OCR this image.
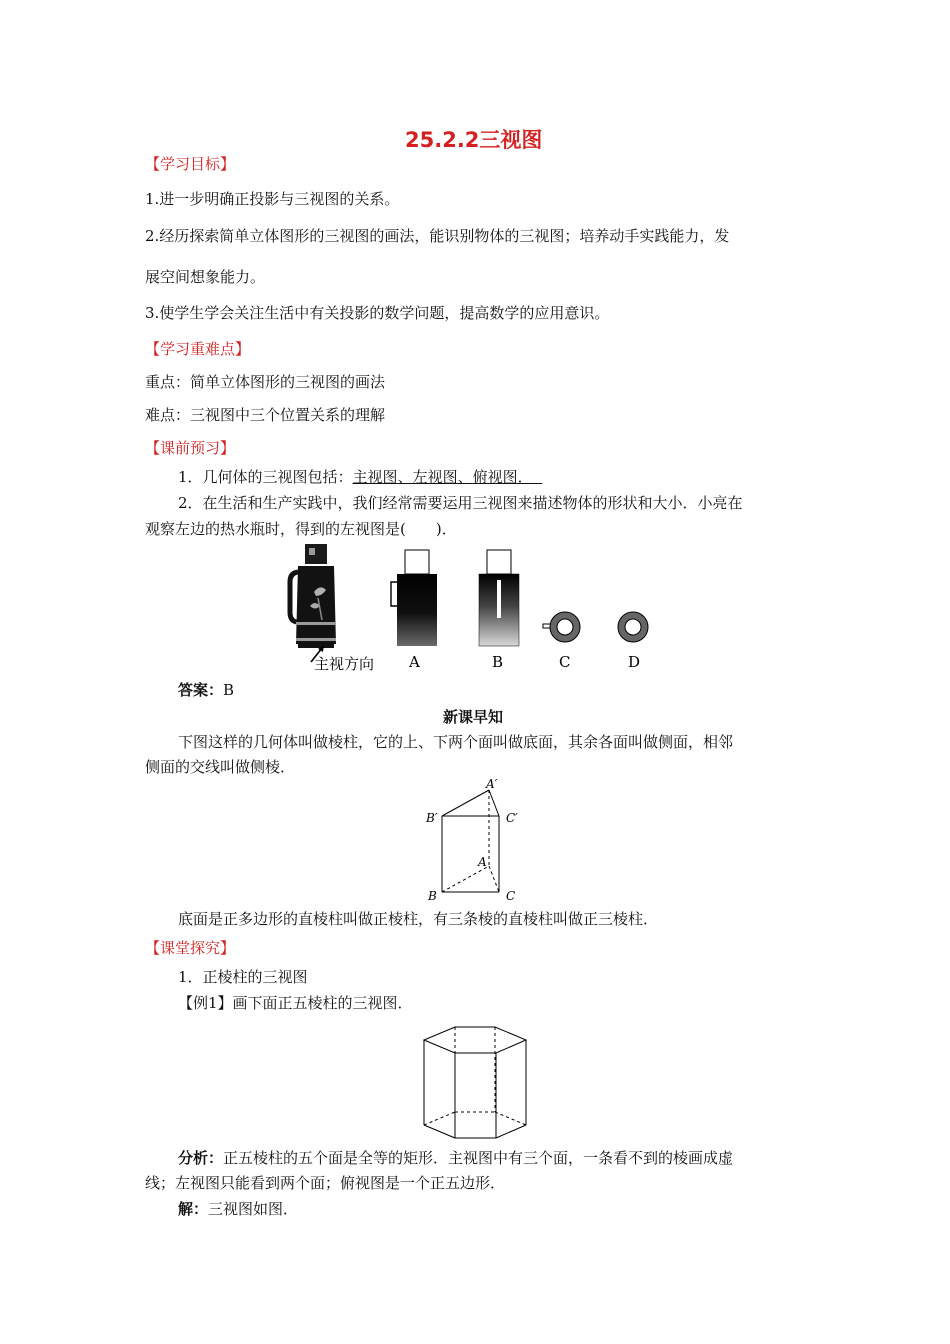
25.2.2三视图
【学习目标】
1.进一步明确正投影与三视图的关系。
2.经历探索简单立体图形的三视图的画法，能识别物体的三视图；培养动手实践能力，发
展空间想象能力。
3.使学生学会关注生活中有关投影的数学问题，提高数学的应用意识。
【学习重难点】
重点：简单立体图形的三视图的画法
难点：三视图中三个位置关系的理解
【课前预习】
1．几何体的三视图包括：主视图、左视图、俯视图．
2．在生活和生产实践中，我们经常需要运用三视图来描述物体的形状和大小．小亮在
观察左边的热水瓶时，得到的左视图是(　　)．
主视方向 A	B	C	D
答案：B
新课早知
下图这样的几何体叫做棱柱，它的上、下两个面叫做底面，其余各面叫做侧面，相邻
侧面的交线叫做侧棱．
A′
B′	C′
A
B	C
底面是正多边形的直棱柱叫做正棱柱，有三条棱的直棱柱叫做正三棱柱．
【课堂探究】
1．正棱柱的三视图
【例1】画下面正五棱柱的三视图．
分析：正五棱柱的五个面是全等的矩形．主视图中有三个面，一条看不到的棱画成虚
线；左视图只能看到两个面；俯视图是一个正五边形．
解：三视图如图．
